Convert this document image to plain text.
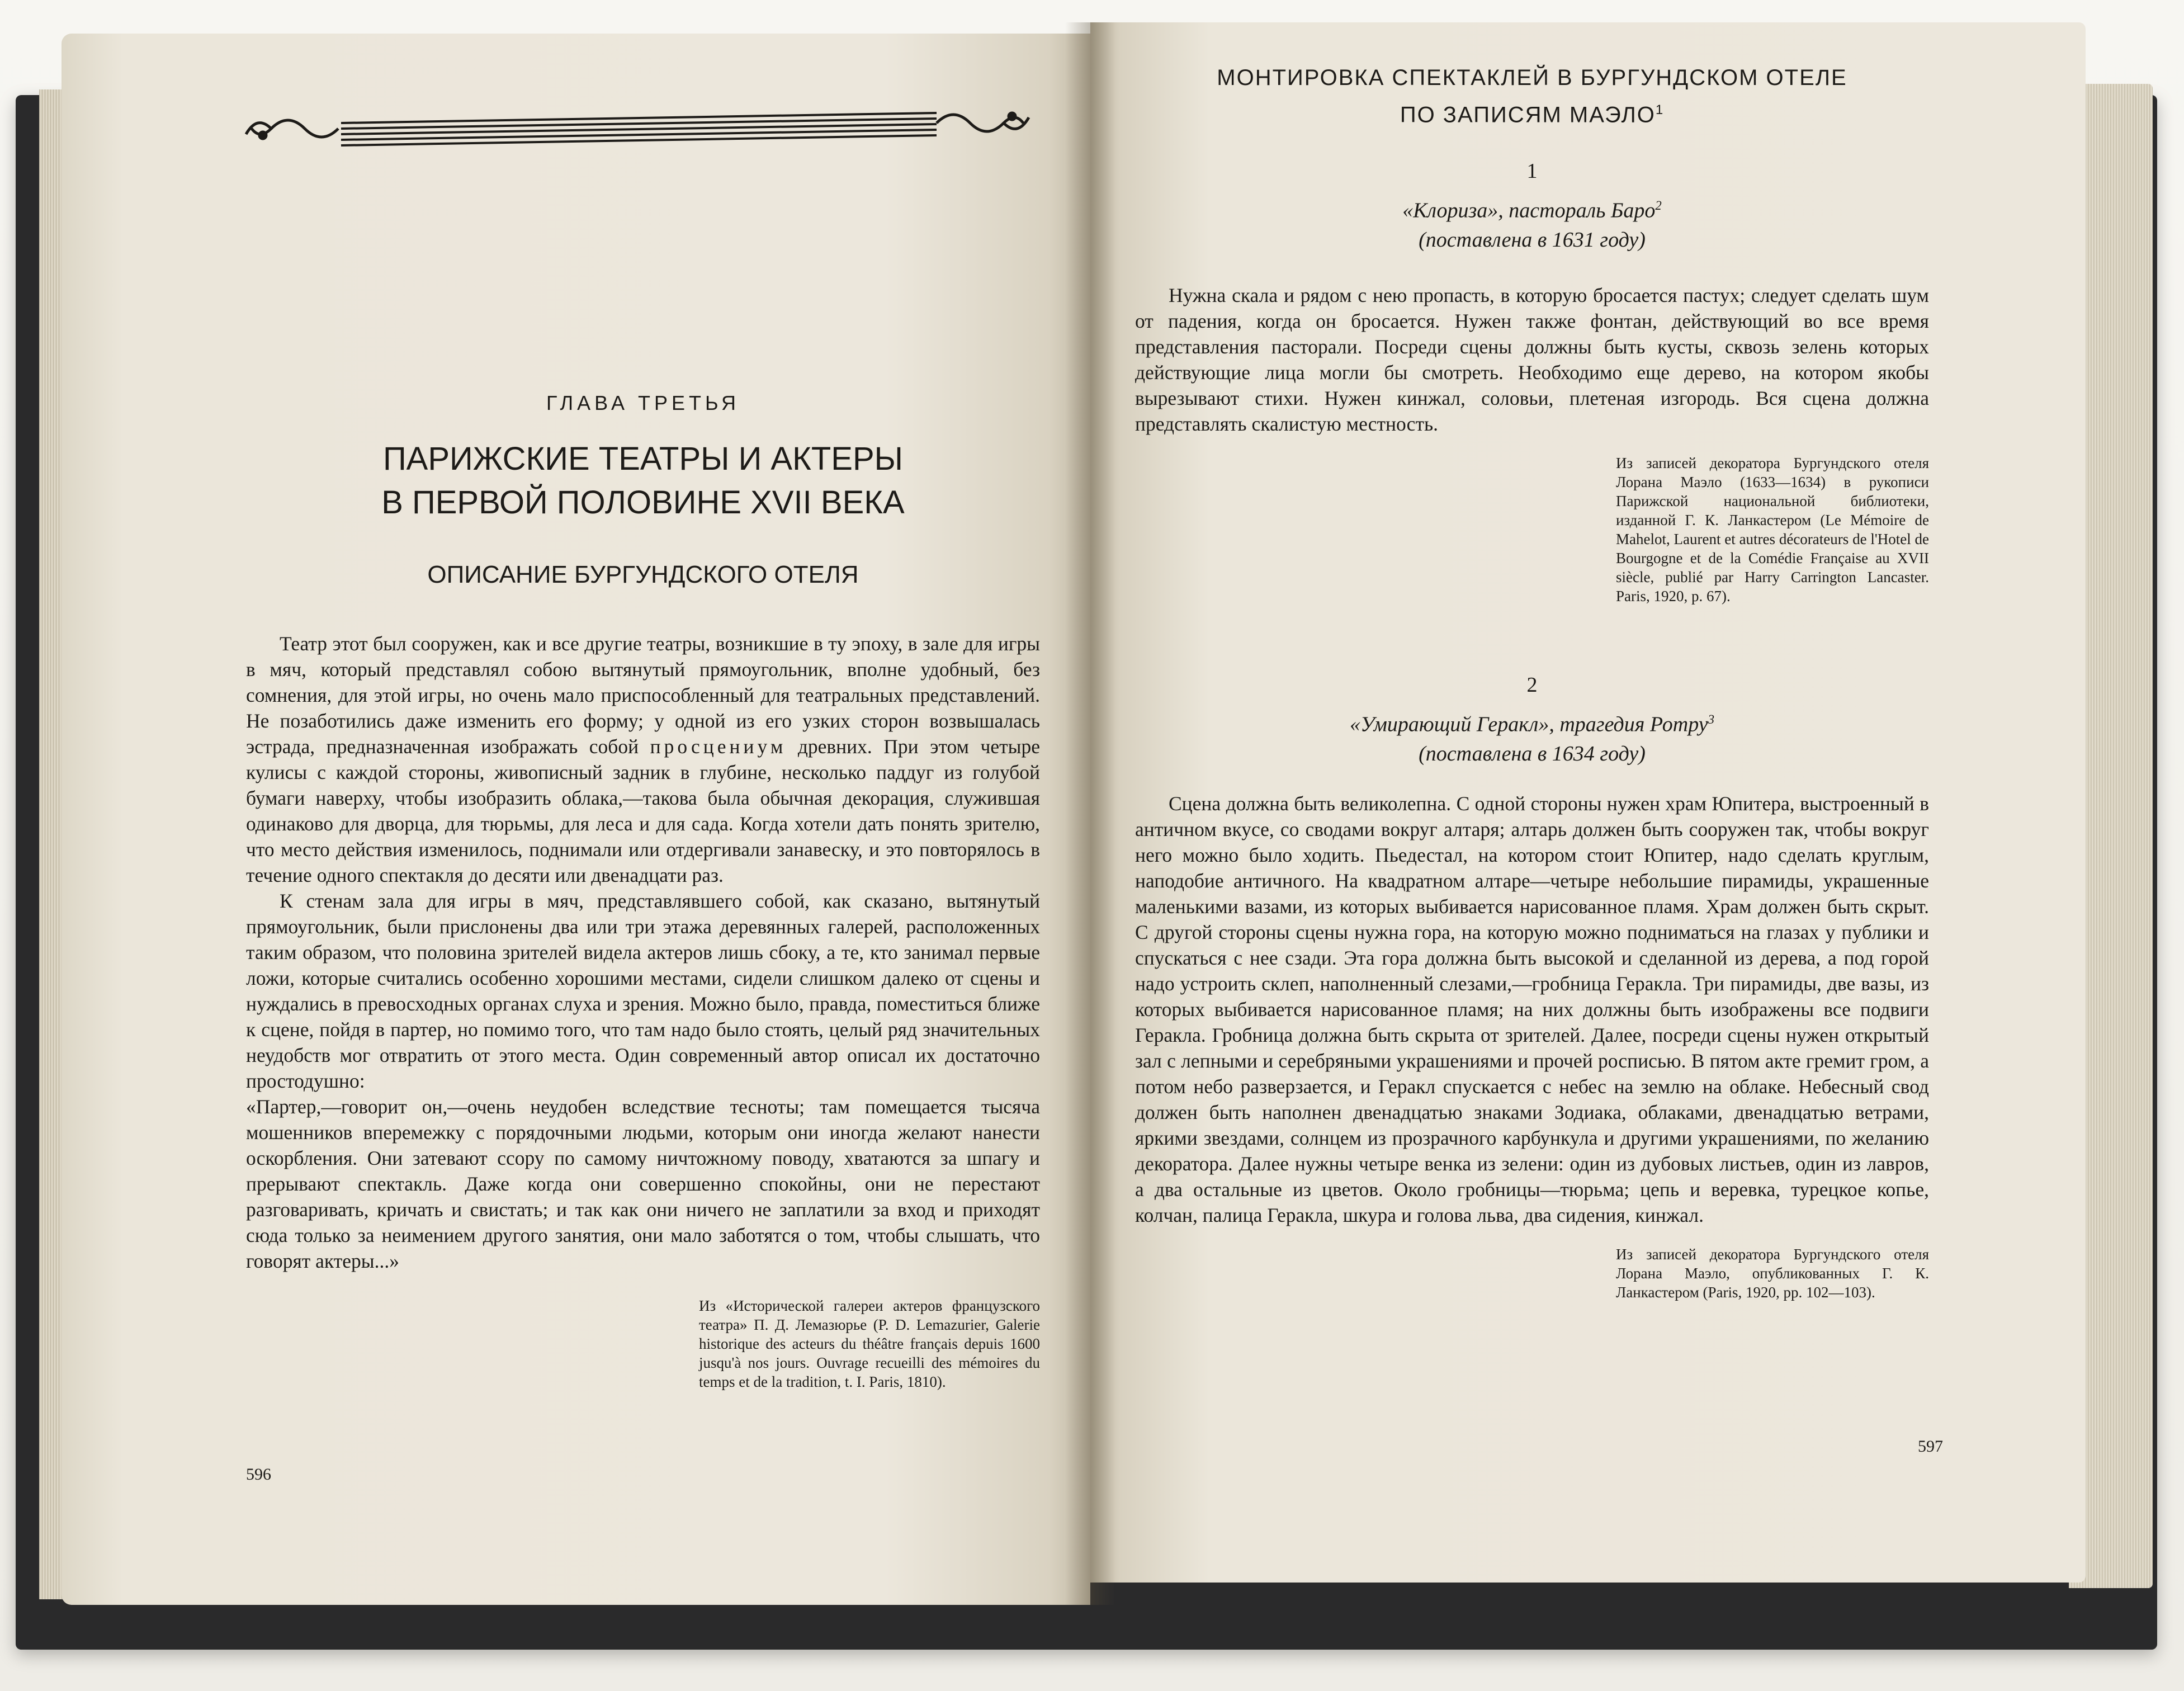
ГЛАВА ТРЕТЬЯ
ПАРИЖСКИЕ ТЕАТРЫ И АКТЕРЫ
В ПЕРВОЙ ПОЛОВИНЕ XVII ВЕКА
ОПИСАНИЕ БУРГУНДСКОГО ОТЕЛЯ

Театр этот был сооружен, как и все другие театры, возникшие в ту эпоху, в зале для игры в мяч, который представлял собою вытянутый прямоугольник, вполне удобный, без сомнения, для этой игры, но очень мало приспособленный для театральных представлений. Не позаботились даже изменить его форму; у одной из его узких сторон возвышалась эстрада, предназначенная изображать собой просцениум древних. При этом четыре кулисы с каждой стороны, живописный задник в глубине, несколько паддуг из голубой бумаги наверху, чтобы изобразить облака,—такова была обычная декорация, служившая одинаково для дворца, для тюрьмы, для леса и для сада. Когда хотели дать понять зрителю, что место действия изменилось, поднимали или отдергивали занавеску, и это повторялось в течение одного спектакля до десяти или двенадцати раз.

К стенам зала для игры в мяч, представлявшего собой, как сказано, вытянутый прямоугольник, были прислонены два или три этажа деревянных галерей, расположенных таким образом, что половина зрителей видела актеров лишь сбоку, а те, кто занимал первые ложи, которые считались особенно хорошими местами, сидели слишком далеко от сцены и нуждались в превосходных органах слуха и зрения. Можно было, правда, поместиться ближе к сцене, пойдя в партер, но помимо того, что там надо было стоять, целый ряд значительных неудобств мог отвратить от этого места. Один современный автор описал их достаточно простодушно:

«Партер,—говорит он,—очень неудобен вследствие тесноты; там помещается тысяча мошенников вперемежку с порядочными людьми, которым они иногда желают нанести оскорбления. Они затевают ссору по самому ничтожному поводу, хватаются за шпагу и прерывают спектакль. Даже когда они совершенно спокойны, они не перестают разговаривать, кричать и свистать; и так как они ничего не заплатили за вход и приходят сюда только за неимением другого занятия, они мало заботятся о том, чтобы слышать, что говорят актеры...»

Из «Исторической галереи актеров французского театра» П. Д. Лемазюрье (P. D. Lemazurier, Galerie historique des acteurs du théâtre français depuis 1600 jusqu'à nos jours. Ouvrage recueilli des mémoires du temps et de la tradition, t. I. Paris, 1810).
596
МОНТИРОВКА СПЕКТАКЛЕЙ В БУРГУНДСКОМ ОТЕЛЕ
ПО ЗАПИСЯМ МАЭЛО$^1$
1
«Клориза», пастораль Баро$^2$
(поставлена в 1631 году)

Нужна скала и рядом с нею пропасть, в которую бросается пастух; следует сделать шум от падения, когда он бросается. Нужен также фонтан, действующий во все время представления пасторали. Посреди сцены должны быть кусты, сквозь зелень которых действующие лица могли бы смотреть. Необходимо еще дерево, на котором якобы вырезывают стихи. Нужен кинжал, соловьи, плетеная изгородь. Вся сцена должна представлять скалистую местность.

Из записей декоратора Бургундского отеля Лорана Маэло (1633—1634) в рукописи Парижской национальной библиотеки, изданной Г. К. Ланкастером (Le Mémoire de Mahelot, Laurent et autres décorateurs de l'Hotel de Bourgogne et de la Comédie Française au XVII siècle, publié par Harry Carrington Lancaster. Paris, 1920, p. 67).
2
«Умирающий Геракл», трагедия Ротру$^3$
(поставлена в 1634 году)

Сцена должна быть великолепна. С одной стороны нужен храм Юпитера, выстроенный в античном вкусе, со сводами вокруг алтаря; алтарь должен быть сооружен так, чтобы вокруг него можно было ходить. Пьедестал, на котором стоит Юпитер, надо сделать круглым, наподобие античного. На квадратном алтаре—четыре небольшие пирамиды, украшенные маленькими вазами, из которых выбивается нарисованное пламя. Храм должен быть скрыт. С другой стороны сцены нужна гора, на которую можно подниматься на глазах у публики и спускаться с нее сзади. Эта гора должна быть высокой и сделанной из дерева, а под горой надо устроить склеп, наполненный слезами,—гробница Геракла. Три пирамиды, две вазы, из которых выбивается нарисованное пламя; на них должны быть изображены все подвиги Геракла. Гробница должна быть скрыта от зрителей. Далее, посреди сцены нужен открытый зал с лепными и серебряными украшениями и прочей росписью. В пятом акте гремит гром, а потом небо разверзается, и Геракл спускается с небес на землю на облаке. Небесный свод должен быть наполнен двенадцатью знаками Зодиака, облаками, двенадцатью ветрами, яркими звездами, солнцем из прозрачного карбункула и другими украшениями, по желанию декоратора. Далее нужны четыре венка из зелени: один из дубовых листьев, один из лавров, а два остальные из цветов. Около гробницы—тюрьма; цепь и веревка, турецкое копье, колчан, палица Геракла, шкура и голова льва, два сидения, кинжал.

Из записей декоратора Бургундского отеля Лорана Маэло, опубликованных Г. К. Ланкастером (Paris, 1920, pp. 102—103).
597
